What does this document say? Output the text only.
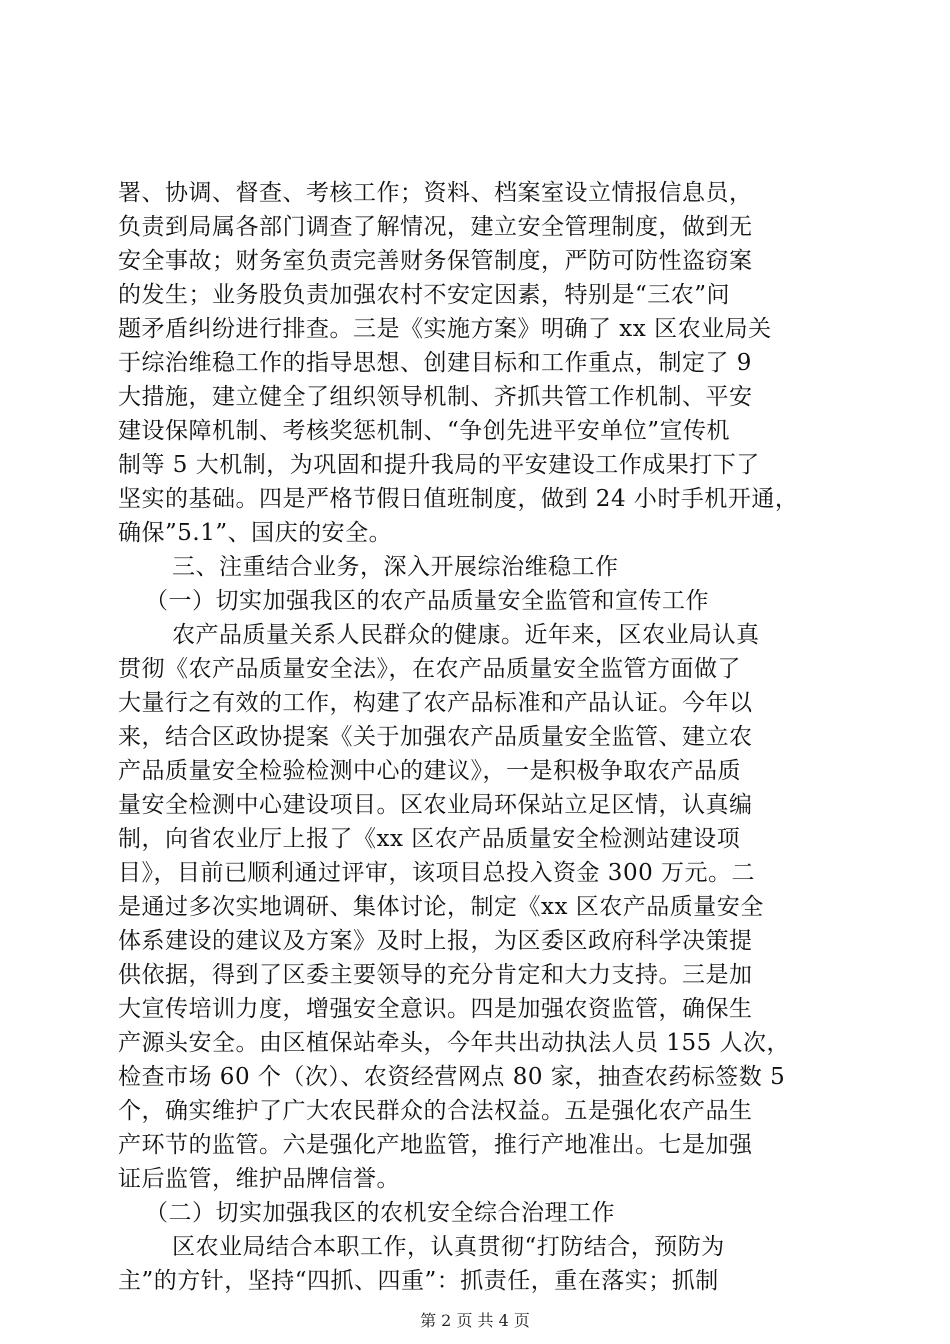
署、协调、督查、考核工作；资料、档案室设立情报信息员，
负责到局属各部门调查了解情况，建立安全管理制度，做到无
安全事故；财务室负责完善财务保管制度，严防可防性盗窃案
的发生；业务股负责加强农村不安定因素，特别是“三农”问
题矛盾纠纷进行排查。三是《实施方案》明确了 xx 区农业局关
于综治维稳工作的指导思想、创建目标和工作重点，制定了 9
大措施，建立健全了组织领导机制、齐抓共管工作机制、平安
建设保障机制、考核奖惩机制、“争创先进平安单位”宣传机
制等 5 大机制，为巩固和提升我局的平安建设工作成果打下了
坚实的基础。四是严格节假日值班制度，做到 24 小时手机开通，
确保”5.1”、国庆的安全。
三、注重结合业务，深入开展综治维稳工作
（一）切实加强我区的农产品质量安全监管和宣传工作
农产品质量关系人民群众的健康。近年来，区农业局认真
贯彻《农产品质量安全法》，在农产品质量安全监管方面做了
大量行之有效的工作，构建了农产品标准和产品认证。今年以
来，结合区政协提案《关于加强农产品质量安全监管、建立农
产品质量安全检验检测中心的建议》，一是积极争取农产品质
量安全检测中心建设项目。区农业局环保站立足区情，认真编
制，向省农业厅上报了《xx 区农产品质量安全检测站建设项
目》，目前已顺利通过评审，该项目总投入资金 300 万元。二
是通过多次实地调研、集体讨论，制定《xx 区农产品质量安全
体系建设的建议及方案》及时上报，为区委区政府科学决策提
供依据，得到了区委主要领导的充分肯定和大力支持。三是加
大宣传培训力度，增强安全意识。四是加强农资监管，确保生
产源头安全。由区植保站牵头，今年共出动执法人员 155 人次，
检查市场 60 个（次）、农资经营网点 80 家，抽查农药标签数 5
个，确实维护了广大农民群众的合法权益。五是强化农产品生
产环节的监管。六是强化产地监管，推行产地准出。七是加强
证后监管，维护品牌信誉。
（二）切实加强我区的农机安全综合治理工作
区农业局结合本职工作，认真贯彻“打防结合，预防为
主”的方针，坚持“四抓、四重”：抓责任，重在落实；抓制
第 2 页 共 4 页
